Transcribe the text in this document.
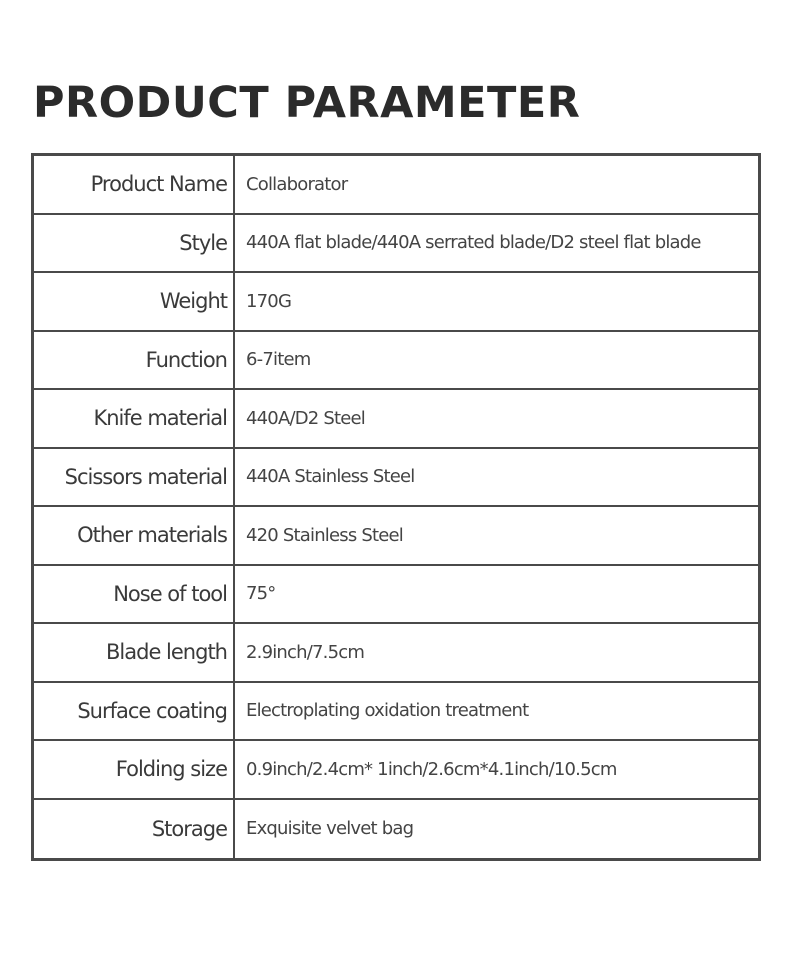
PRODUCT PARAMETER
Product Name	Collaborator
Style	440A flat blade/440A serrated blade/D2 steel flat blade
Weight	170G
Function	6-7item
Knife material	440A/D2 Steel
Scissors material	440A Stainless Steel
Other materials	420 Stainless Steel
Nose of tool	75°
Blade length	2.9inch/7.5cm
Surface coating	Electroplating oxidation treatment
Folding size	0.9inch/2.4cm* 1inch/2.6cm*4.1inch/10.5cm
Storage	Exquisite velvet bag
